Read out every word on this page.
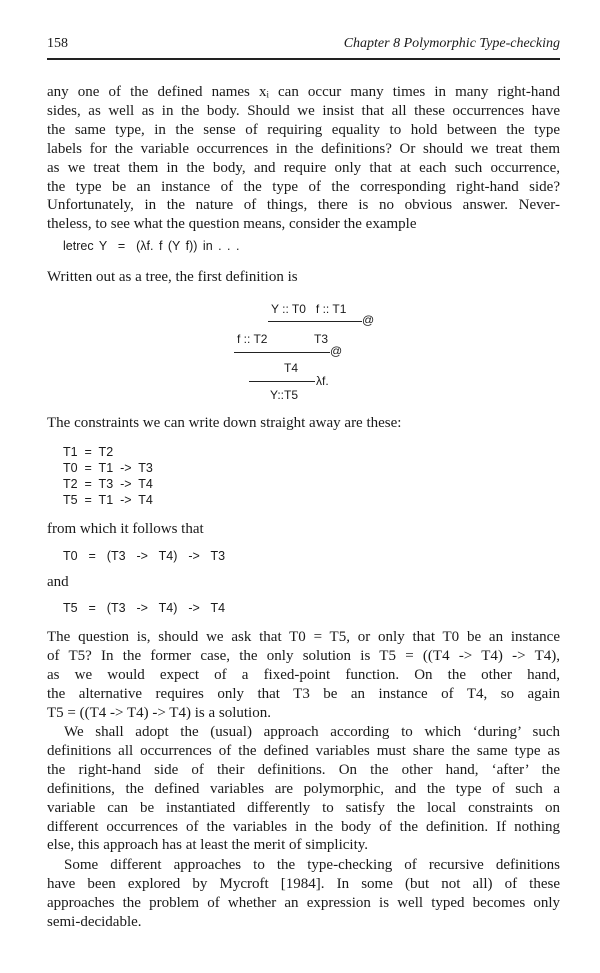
158	Chapter 8 Polymorphic Type-checking
any one of the defined names xᵢ can occur many times in many right-hand
sides, as well as in the body. Should we insist that all these occurrences have
the same type, in the sense of requiring equality to hold between the type
labels for the variable occurrences in the definitions? Or should we treat them
as we treat them in the body, and require only that at each such occurrence,
the type be an instance of the type of the corresponding right-hand side?
Unfortunately, in the nature of things, there is no obvious answer. Never-
theless, to see what the question means, consider the example
letrec Y  =  (λf. f (Y f)) in . . .
Written out as a tree, the first definition is
Y :: T0   f :: T1
@
f :: T2	T3
@
T4
λf.
Y::T5
The constraints we can write down straight away are these:
T1  =  T2
T0  =  T1  ->  T3
T2  =  T3  ->  T4
T5  =  T1  ->  T4
from which it follows that
T0  =  (T3  ->  T4)  ->  T3
and
T5  =  (T3  ->  T4)  ->  T4
The question is, should we ask that T0 = T5, or only that T0 be an instance
of T5? In the former case, the only solution is T5 = ((T4 -> T4) -> T4),
as we would expect of a fixed-point function. On the other hand,
the alternative requires only that T3 be an instance of T4, so again
T5 = ((T4 -> T4) -> T4) is a solution.
We shall adopt the (usual) approach according to which ‘during’ such
definitions all occurrences of the defined variables must share the same type as
the right-hand side of their definitions. On the other hand, ‘after’ the
definitions, the defined variables are polymorphic, and the type of such a
variable can be instantiated differently to satisfy the local constraints on
different occurrences of the variables in the body of the definition. If nothing
else, this approach has at least the merit of simplicity.
Some different approaches to the type-checking of recursive definitions
have been explored by Mycroft [1984]. In some (but not all) of these
approaches the problem of whether an expression is well typed becomes only
semi-decidable.
